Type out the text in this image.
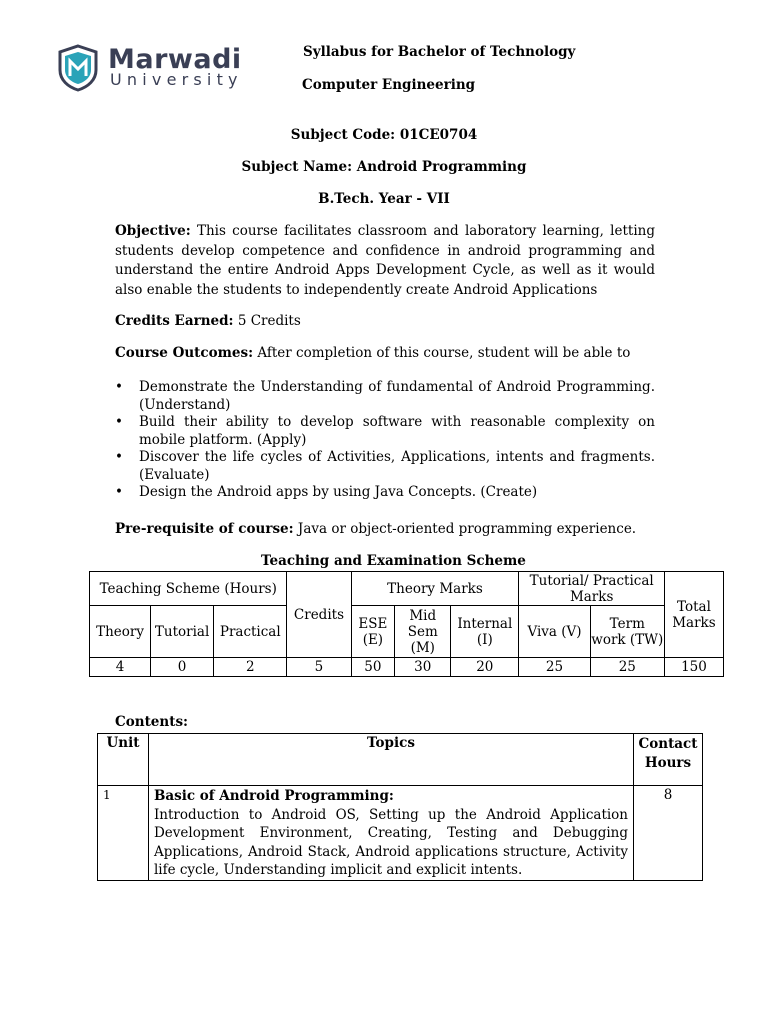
Marwadi
University
Syllabus for Bachelor of Technology
Computer Engineering
Subject Code: 01CE0704
Subject Name: Android Programming
B.Tech. Year - VII
Objective: This course facilitates classroom and laboratory learning, letting students develop competence and confidence in android programming and understand the entire Android Apps Development Cycle, as well as it would also enable the students to independently create Android Applications
Credits Earned: 5 Credits
Course Outcomes: After completion of this course, student will be able to
• Demonstrate the Understanding of fundamental of Android Programming. (Understand)
• Build their ability to develop software with reasonable complexity on mobile platform. (Apply)
• Discover the life cycles of Activities, Applications, intents and fragments. (Evaluate)
• Design the Android apps by using Java Concepts. (Create)
Pre-requisite of course: Java or object-oriented programming experience.
Teaching and Examination Scheme
Teaching Scheme (Hours)			Credits	Theory Marks			Tutorial/ Practical Marks		Total Marks
Theory	Tutorial	Practical		ESE (E)	Mid Sem (M)	Internal (I)	Viva (V)	Term work (TW)	
4	0	2	5	50	30	20	25	25	150
Contents:
Unit	Topics	Contact Hours
1	Basic of Android Programming:
Introduction to Android OS, Setting up the Android Application Development Environment, Creating, Testing and Debugging Applications, Android Stack, Android applications structure, Activity life cycle, Understanding implicit and explicit intents.	8
